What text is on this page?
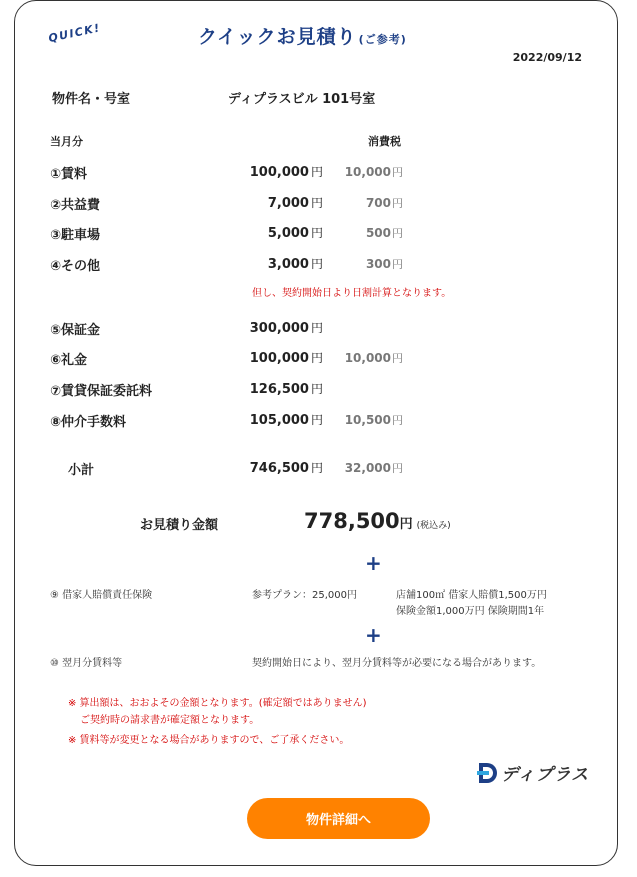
QUICK!	クイックお見積り (ご参考)
2022/09/12
物件名・号室	ディプラスビル 101号室
当月分	消費税
①賃料	100,000 円	10,000円
②共益費	7,000 円	700円
③駐車場	5,000 円	500円
④その他	3,000 円	300円
但し、契約開始日より日割計算となります。
⑤保証金	300,000 円
⑥礼金	100,000 円	10,000円
⑦賃貸保証委託料	126,500 円
⑧仲介手数料	105,000 円	10,500円
小計	746,500 円	32,000円
お見積り金額	778,500円 (税込み)
+
⑨ 借家人賠償責任保険	参考プラン：25,000円	店舗100㎡ 借家人賠償1,500万円
保険金額1,000万円 保険期間1年
+
⑩ 翌月分賃料等	契約開始日により、翌月分賃料等が必要になる場合があります。
※ 算出額は、おおよその金額となります。(確定額ではありません)
ご契約時の請求書が確定額となります。
※ 賃料等が変更となる場合がありますので、ご了承ください。
ディプラス
物件詳細へ
